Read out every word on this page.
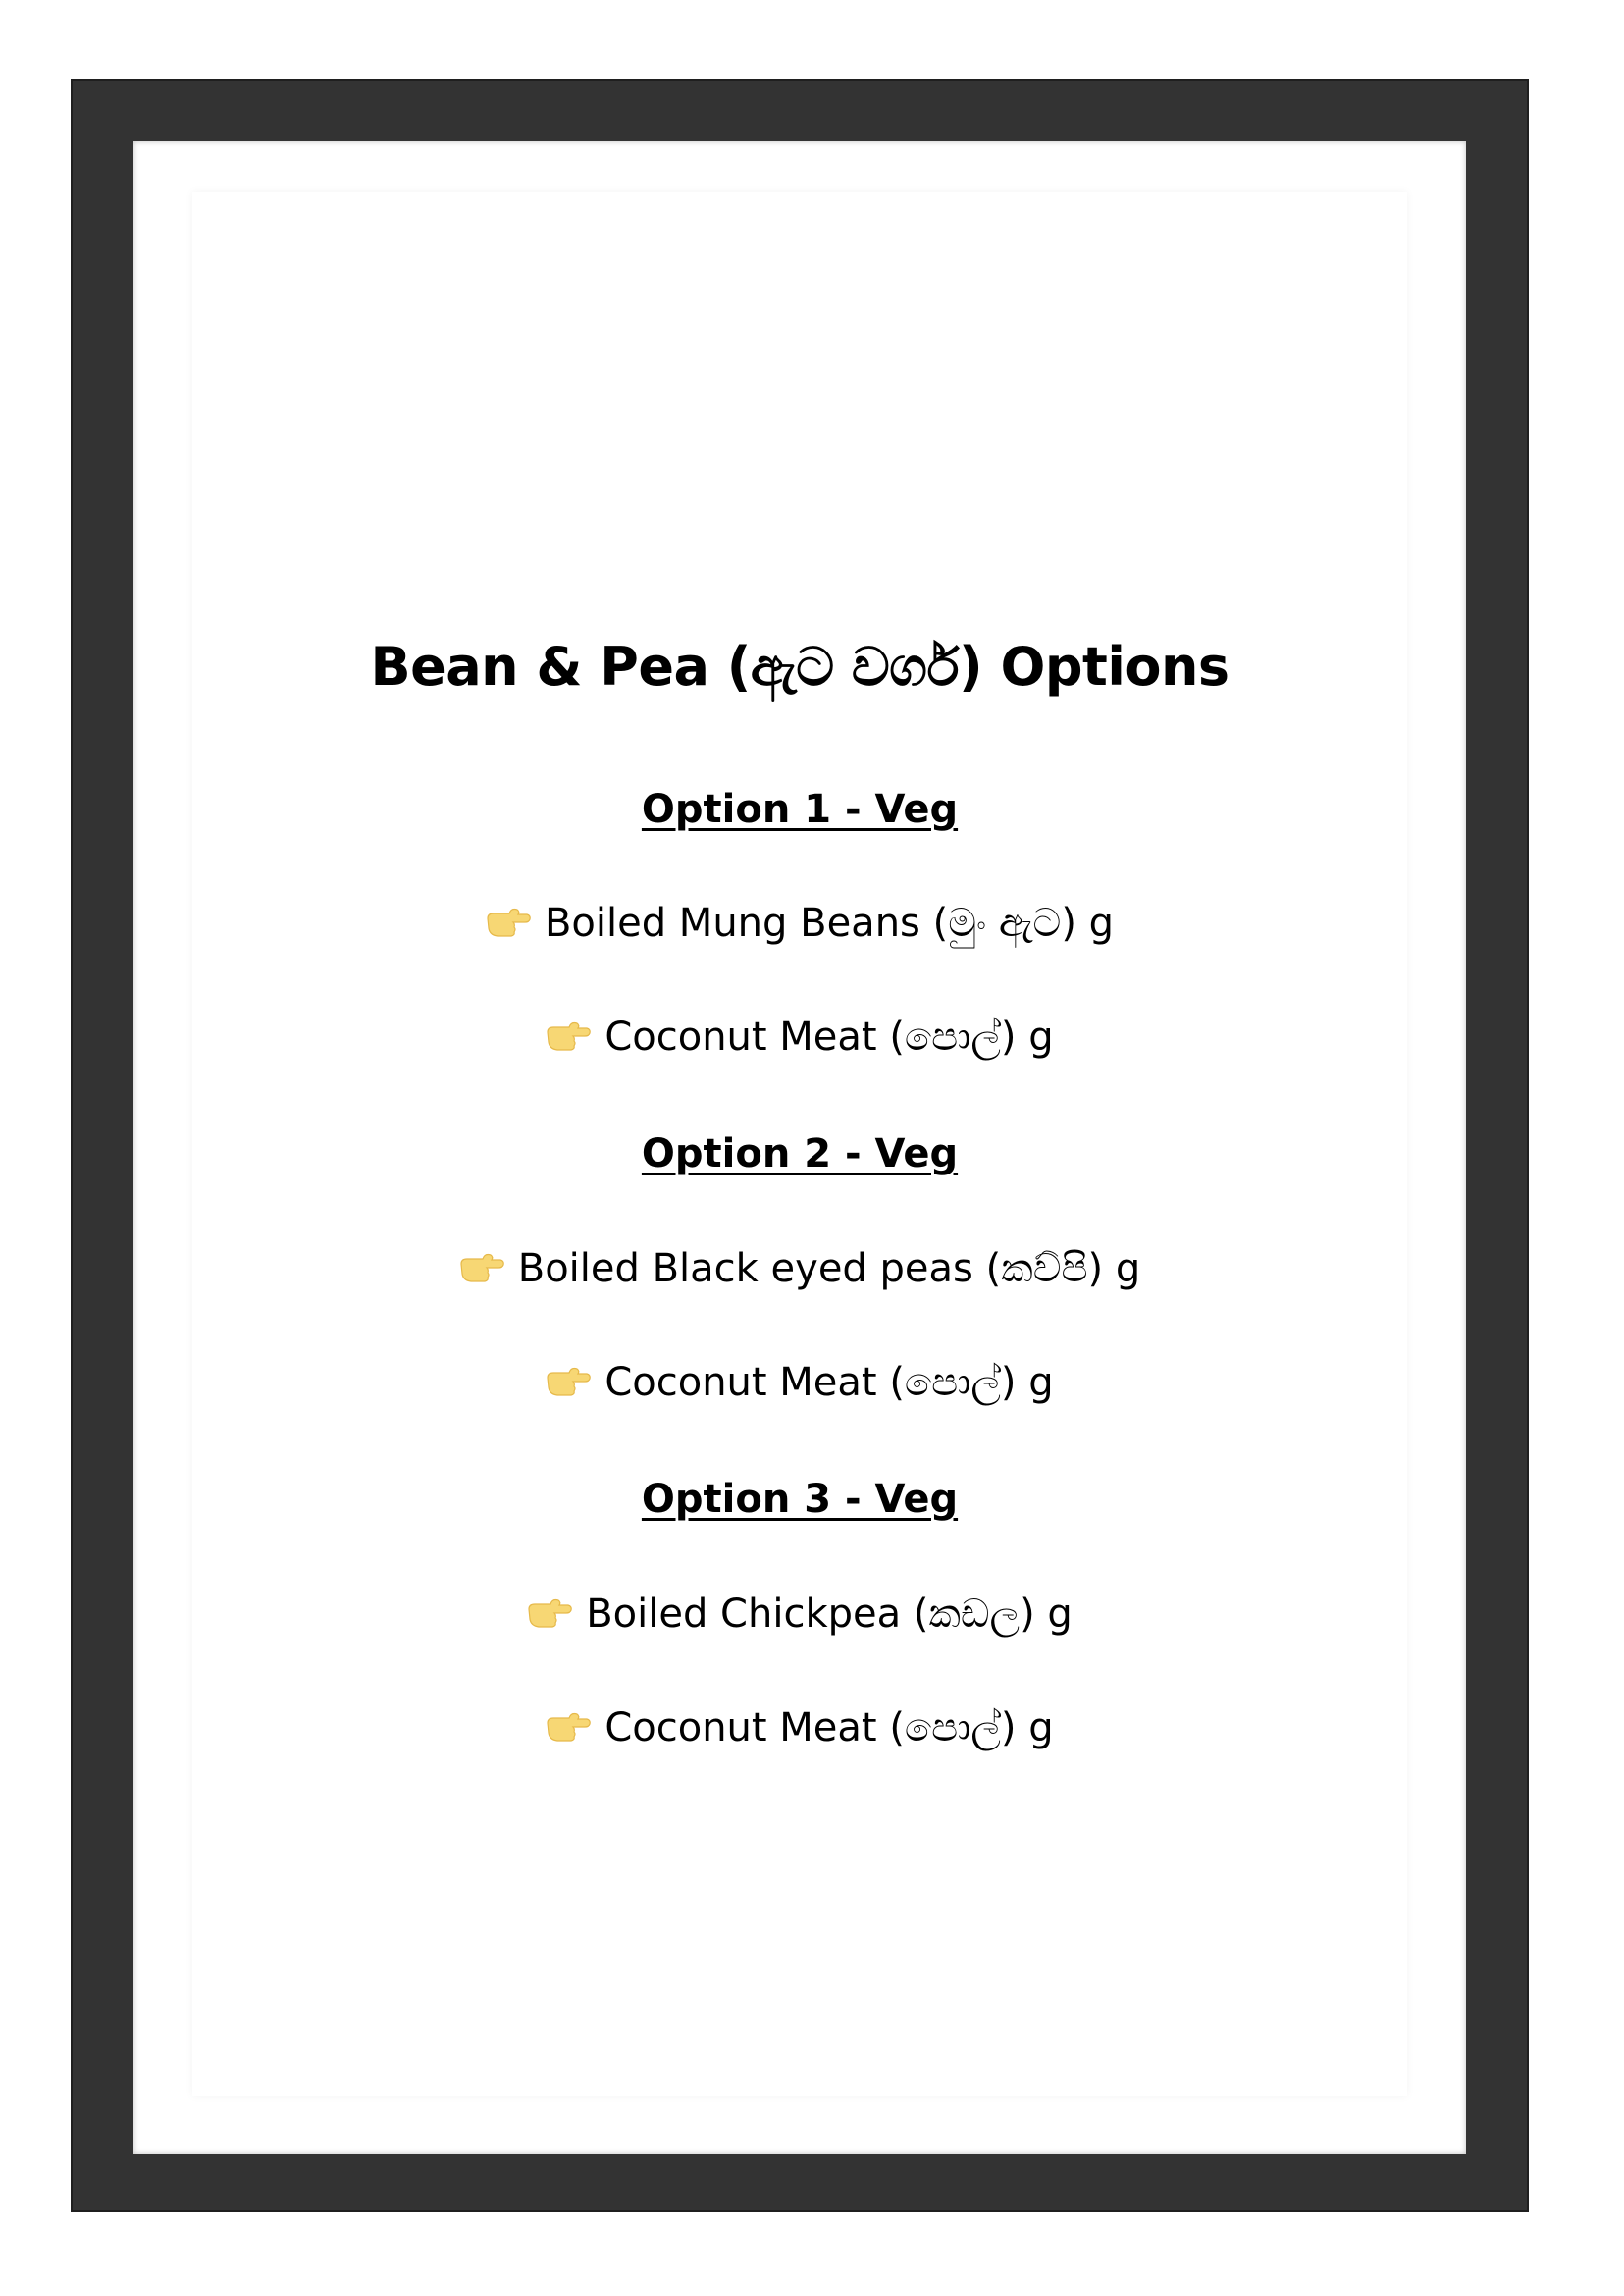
Bean & Pea (ඇට වර්ග) Options
Option 1 - Veg
Boiled Mung Beans (මුං ඇට) g
Coconut Meat (පොල්) g
Option 2 - Veg
Boiled Black eyed peas (කව්පි) g
Coconut Meat (පොල්) g
Option 3 - Veg
Boiled Chickpea (කඩල) g
Coconut Meat (පොල්) g
